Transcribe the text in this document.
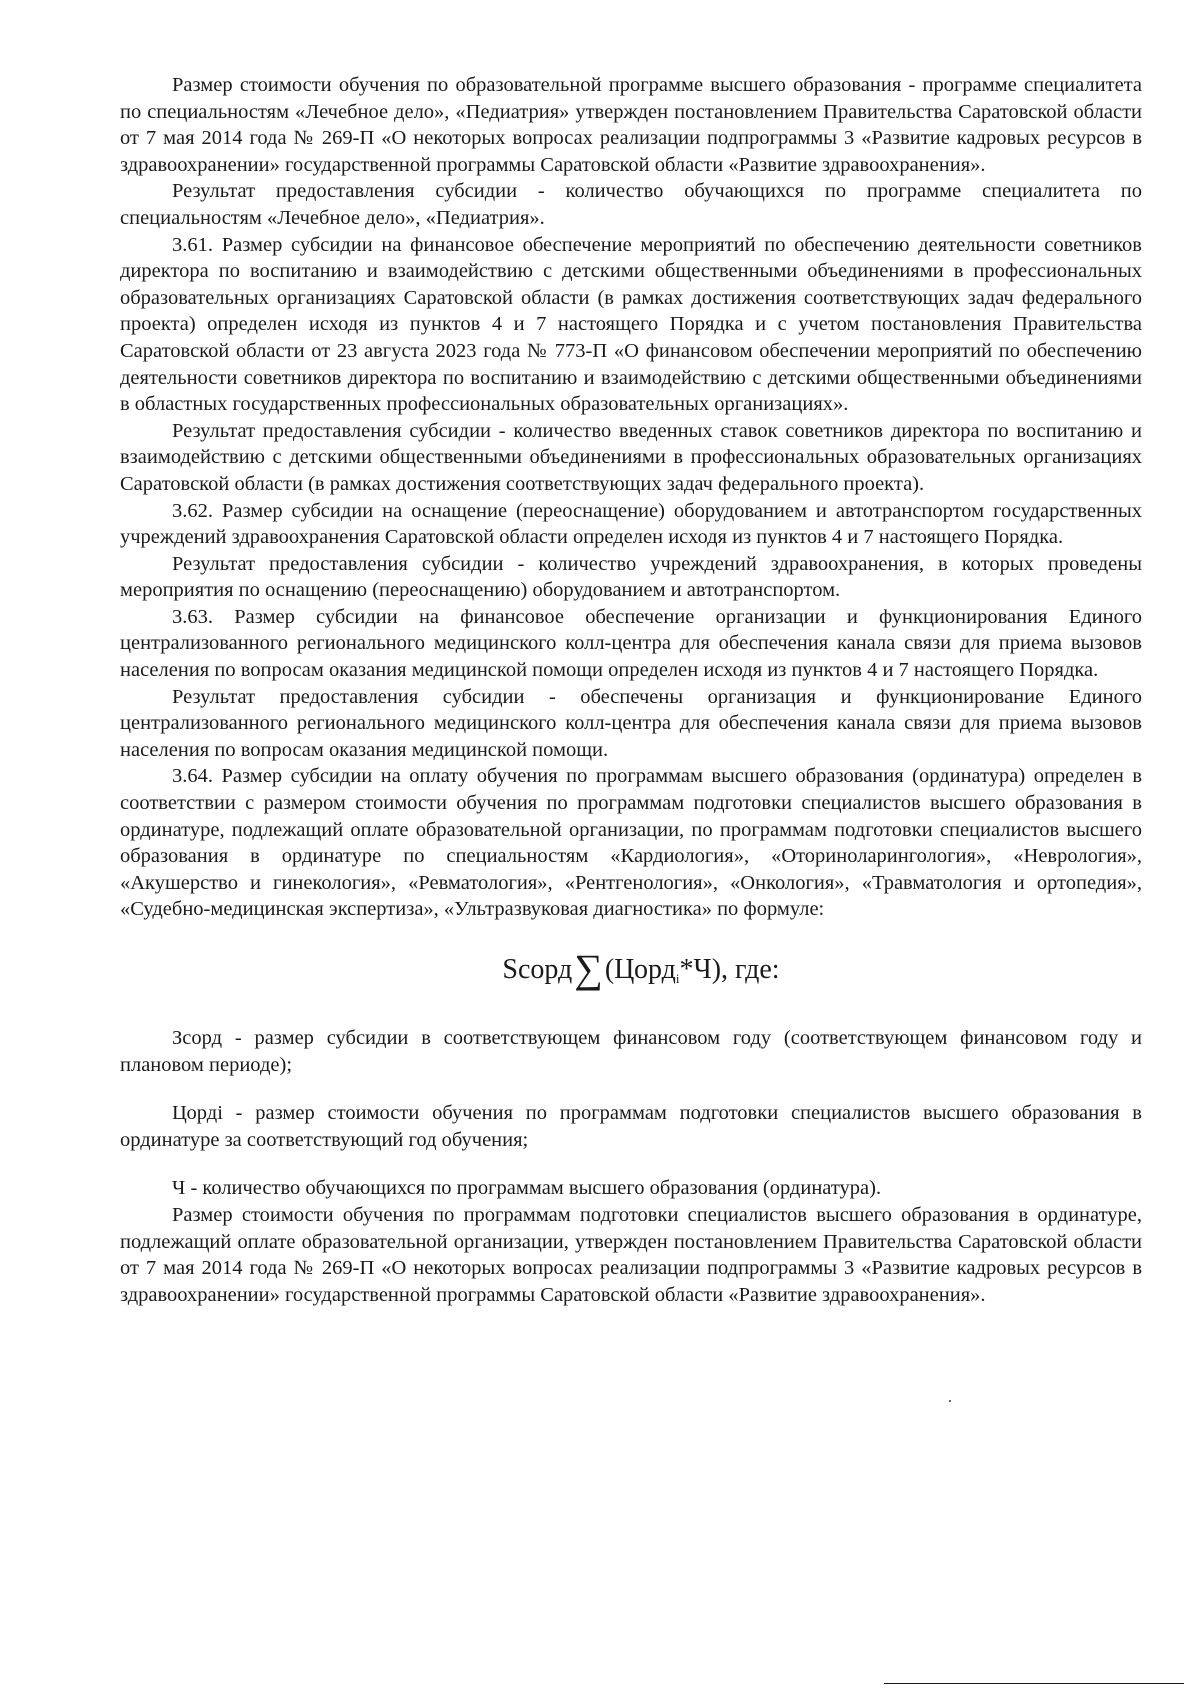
Размер стоимости обучения по образовательной программе высшего образования - программе специалитета по специальностям «Лечебное дело», «Педиатрия» утвержден постановлением Правительства Саратовской области от 7 мая 2014 года № 269-П «О некоторых вопросах реализации подпрограммы 3 «Развитие кадровых ресурсов в здравоохранении» государственной программы Саратовской области «Развитие здравоохранения».

Результат предоставления субсидии - количество обучающихся по программе специалитета по специальностям «Лечебное дело», «Педиатрия».

3.61. Размер субсидии на финансовое обеспечение мероприятий по обеспечению деятельности советников директора по воспитанию и взаимодействию с детскими общественными объединениями в профессиональных образовательных организациях Саратовской области (в рамках достижения соответствующих задач федерального проекта) определен исходя из пунктов 4 и 7 настоящего Порядка и с учетом постановления Правительства Саратовской области от 23 августа 2023 года № 773-П «О финансовом обеспечении мероприятий по обеспечению деятельности советников директора по воспитанию и взаимодействию с детскими общественными объединениями в областных государственных профессиональных образовательных организациях».

Результат предоставления субсидии - количество введенных ставок советников директора по воспитанию и взаимодействию с детскими общественными объединениями в профессиональных образовательных организациях Саратовской области (в рамках достижения соответствующих задач федерального проекта).

3.62. Размер субсидии на оснащение (переоснащение) оборудованием и автотранспортом государственных учреждений здравоохранения Саратовской области определен исходя из пунктов 4 и 7 настоящего Порядка.

Результат предоставления субсидии - количество учреждений здравоохранения, в которых проведены мероприятия по оснащению (переоснащению) оборудованием и автотранспортом.

3.63. Размер субсидии на финансовое обеспечение организации и функционирования Единого централизованного регионального медицинского колл-центра для обеспечения канала связи для приема вызовов населения по вопросам оказания медицинской помощи определен исходя из пунктов 4 и 7 настоящего Порядка.

Результат предоставления субсидии - обеспечены организация и функционирование Единого централизованного регионального медицинского колл-центра для обеспечения канала связи для приема вызовов населения по вопросам оказания медицинской помощи.

3.64. Размер субсидии на оплату обучения по программам высшего образования (ординатура) определен в соответствии с размером стоимости обучения по программам подготовки специалистов высшего образования в ординатуре, подлежащий оплате образовательной организации, по программам подготовки специалистов высшего образования в ординатуре по специальностям «Кардиология», «Оториноларингология», «Неврология», «Акушерство и гинекология», «Ревматология», «Рентгенология», «Онкология», «Травматология и ортопедия», «Судебно-медицинская экспертиза», «Ультразвуковая диагностика» по формуле:

Sсорд∑(Цорд$_i$*Ч), где:

Зсорд - размер субсидии в соответствующем финансовом году (соответствующем финансовом году и плановом периоде);

Цордi - размер стоимости обучения по программам подготовки специалистов высшего образования в ординатуре за соответствующий год обучения;

Ч - количество обучающихся по программам высшего образования (ординатура).

Размер стоимости обучения по программам подготовки специалистов высшего образования в ординатуре, подлежащий оплате образовательной организации, утвержден постановлением Правительства Саратовской области от 7 мая 2014 года № 269-П «О некоторых вопросах реализации подпрограммы 3 «Развитие кадровых ресурсов в здравоохранении» государственной программы Саратовской области «Развитие здравоохранения».
